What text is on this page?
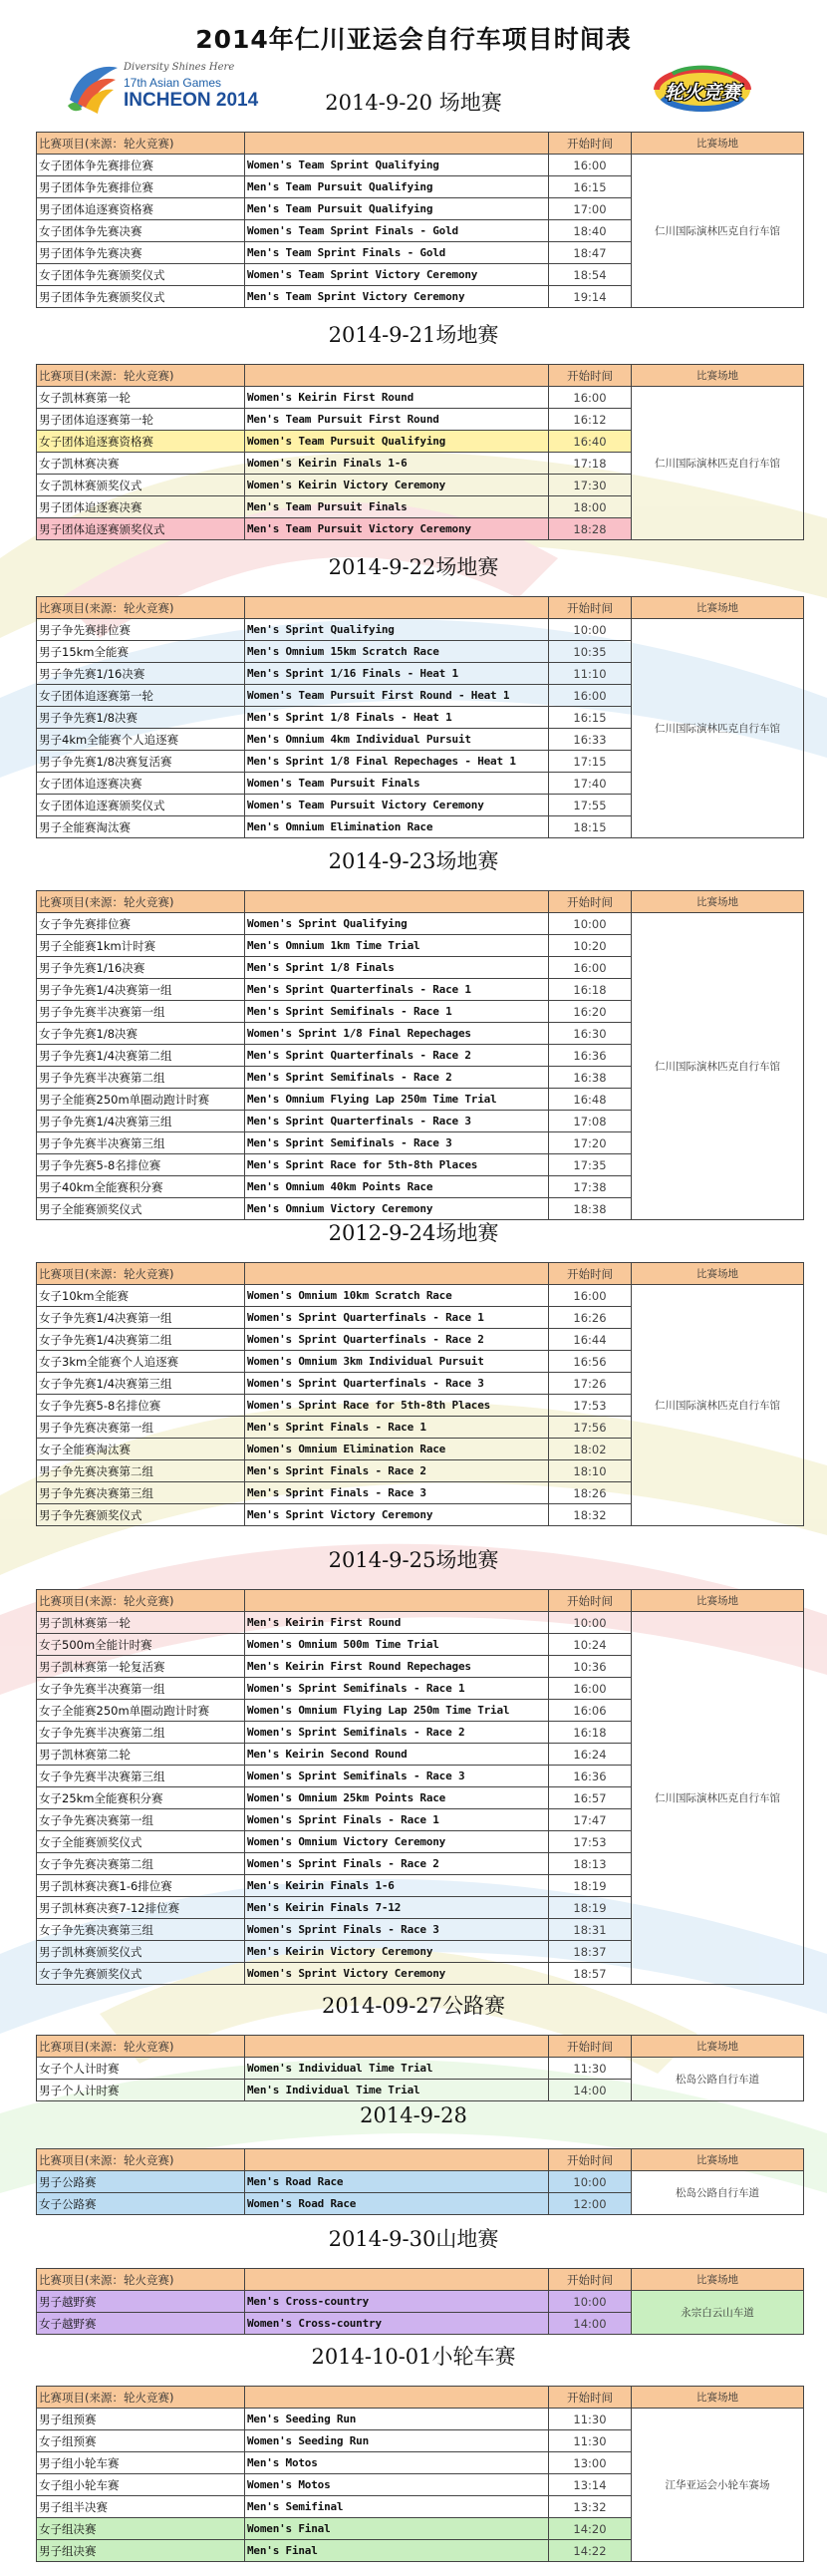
2014年仁川亚运会自行车项目时间表
Diversity Shines Here
17th Asian Games
INCHEON 2014	轮火竞赛
2014-9-20 场地赛
比赛项目(来源：轮火竞赛)		开始时间	比赛场地
女子团体争先赛排位赛	Women's Team Sprint Qualifying	16:00	仁川国际演林匹克自行车馆
男子团体争先赛排位赛	Men's Team Pursuit Qualifying	16:15	
男子团体追逐赛资格赛	Men's Team Pursuit Qualifying	17:00	
女子团体争先赛决赛	Women's Team Sprint Finals - Gold	18:40	
男子团体争先赛决赛	Men's Team Sprint Finals - Gold	18:47	
女子团体争先赛颁奖仪式	Women's Team Sprint Victory Ceremony	18:54	
男子团体争先赛颁奖仪式	Men's Team Sprint Victory Ceremony	19:14	
2014-9-21场地赛
比赛项目(来源：轮火竞赛)		开始时间	比赛场地
女子凯林赛第一轮	Women's Keirin First Round	16:00	仁川国际演林匹克自行车馆
男子团体追逐赛第一轮	Men's Team Pursuit First Round	16:12	
女子团体追逐赛资格赛	Women's Team Pursuit Qualifying	16:40	
女子凯林赛决赛	Women's Keirin Finals 1-6	17:18	
女子凯林赛颁奖仪式	Women's Keirin Victory Ceremony	17:30	
男子团体追逐赛决赛	Men's Team Pursuit Finals	18:00	
男子团体追逐赛颁奖仪式	Men's Team Pursuit Victory Ceremony	18:28	
2014-9-22场地赛
比赛项目(来源：轮火竞赛)		开始时间	比赛场地
男子争先赛排位赛	Men's Sprint Qualifying	10:00	仁川国际演林匹克自行车馆
男子15km全能赛	Men's Omnium 15km Scratch Race	10:35	
男子争先赛1/16决赛	Men's Sprint 1/16 Finals - Heat 1	11:10	
女子团体追逐赛第一轮	Women's Team Pursuit First Round - Heat 1	16:00	
男子争先赛1/8决赛	Men's Sprint 1/8 Finals - Heat 1	16:15	
男子4km全能赛个人追逐赛	Men's Omnium 4km Individual Pursuit	16:33	
男子争先赛1/8决赛复活赛	Men's Sprint 1/8 Final Repechages - Heat 1	17:15	
女子团体追逐赛决赛	Women's Team Pursuit Finals	17:40	
女子团体追逐赛颁奖仪式	Women's Team Pursuit Victory Ceremony	17:55	
男子全能赛淘汰赛	Men's Omnium Elimination Race	18:15	
2014-9-23场地赛
比赛项目(来源：轮火竞赛)		开始时间	比赛场地
女子争先赛排位赛	Women's Sprint Qualifying	10:00	仁川国际演林匹克自行车馆
男子全能赛1km计时赛	Men's Omnium 1km Time Trial	10:20	
男子争先赛1/16决赛	Men's Sprint 1/8 Finals	16:00	
男子争先赛1/4决赛第一组	Men's Sprint Quarterfinals - Race 1	16:18	
男子争先赛半决赛第一组	Men's Sprint Semifinals - Race 1	16:20	
女子争先赛1/8决赛	Women's Sprint 1/8 Final Repechages	16:30	
男子争先赛1/4决赛第二组	Men's Sprint Quarterfinals - Race 2	16:36	
男子争先赛半决赛第二组	Men's Sprint Semifinals - Race 2	16:38	
男子全能赛250m单圈动跑计时赛	Men's Omnium Flying Lap 250m Time Trial	16:48	
男子争先赛1/4决赛第三组	Men's Sprint Quarterfinals - Race 3	17:08	
男子争先赛半决赛第三组	Men's Sprint Semifinals - Race 3	17:20	
男子争先赛5-8名排位赛	Men's Sprint Race for 5th-8th Places	17:35	
男子40km全能赛积分赛	Men's Omnium 40km Points Race	17:38	
男子全能赛颁奖仪式	Men's Omnium Victory Ceremony	18:38	
2012-9-24场地赛
比赛项目(来源：轮火竞赛)		开始时间	比赛场地
女子10km全能赛	Women's Omnium 10km Scratch Race	16:00	仁川国际演林匹克自行车馆
女子争先赛1/4决赛第一组	Women's Sprint Quarterfinals - Race 1	16:26	
女子争先赛1/4决赛第二组	Women's Sprint Quarterfinals - Race 2	16:44	
女子3km全能赛个人追逐赛	Women's Omnium 3km Individual Pursuit	16:56	
女子争先赛1/4决赛第三组	Women's Sprint Quarterfinals - Race 3	17:26	
女子争先赛5-8名排位赛	Women's Sprint Race for 5th-8th Places	17:53	
男子争先赛决赛第一组	Men's Sprint Finals - Race 1	17:56	
女子全能赛淘汰赛	Women's Omnium Elimination Race	18:02	
男子争先赛决赛第二组	Men's Sprint Finals - Race 2	18:10	
男子争先赛决赛第三组	Men's Sprint Finals - Race 3	18:26	
男子争先赛颁奖仪式	Men's Sprint Victory Ceremony	18:32	
2014-9-25场地赛
比赛项目(来源：轮火竞赛)		开始时间	比赛场地
男子凯林赛第一轮	Men's Keirin First Round	10:00	仁川国际演林匹克自行车馆
女子500m全能计时赛	Women's Omnium 500m Time Trial	10:24	
男子凯林赛第一轮复活赛	Men's Keirin First Round Repechages	10:36	
女子争先赛半决赛第一组	Women's Sprint Semifinals - Race 1	16:00	
女子全能赛250m单圈动跑计时赛	Women's Omnium Flying Lap 250m Time Trial	16:06	
女子争先赛半决赛第二组	Women's Sprint Semifinals - Race 2	16:18	
男子凯林赛第二轮	Men's Keirin Second Round	16:24	
女子争先赛半决赛第三组	Women's Sprint Semifinals - Race 3	16:36	
女子25km全能赛积分赛	Women's Omnium 25km Points Race	16:57	
女子争先赛决赛第一组	Women's Sprint Finals - Race 1	17:47	
女子全能赛颁奖仪式	Women's Omnium Victory Ceremony	17:53	
女子争先赛决赛第二组	Women's Sprint Finals - Race 2	18:13	
男子凯林赛决赛1-6排位赛	Men's Keirin Finals 1-6	18:19	
男子凯林赛决赛7-12排位赛	Men's Keirin Finals 7-12	18:19	
女子争先赛决赛第三组	Women's Sprint Finals - Race 3	18:31	
男子凯林赛颁奖仪式	Men's Keirin Victory Ceremony	18:37	
女子争先赛颁奖仪式	Women's Sprint Victory Ceremony	18:57	
2014-09-27公路赛
比赛项目(来源：轮火竞赛)		开始时间	比赛场地
女子个人计时赛	Women's Individual Time Trial	11:30	松岛公路自行车道
男子个人计时赛	Men's Individual Time Trial	14:00	
2014-9-28
比赛项目(来源：轮火竞赛)		开始时间	比赛场地
男子公路赛	Men's Road Race	10:00	松岛公路自行车道
女子公路赛	Women's Road Race	12:00	
2014-9-30山地赛
比赛项目(来源：轮火竞赛)		开始时间	比赛场地
男子越野赛	Men's Cross-country	10:00	永宗白云山车道
女子越野赛	Women's Cross-country	14:00	
2014-10-01小轮车赛
比赛项目(来源：轮火竞赛)		开始时间	比赛场地
男子组预赛	Men's Seeding Run	11:30	江华亚运会小轮车赛场
女子组预赛	Women's Seeding Run	11:30	
男子组小轮车赛	Men's Motos	13:00	
女子组小轮车赛	Women's Motos	13:14	
男子组半决赛	Men's Semifinal	13:32	
女子组决赛	Women's Final	14:20	
男子组决赛	Men's Final	14:22	
